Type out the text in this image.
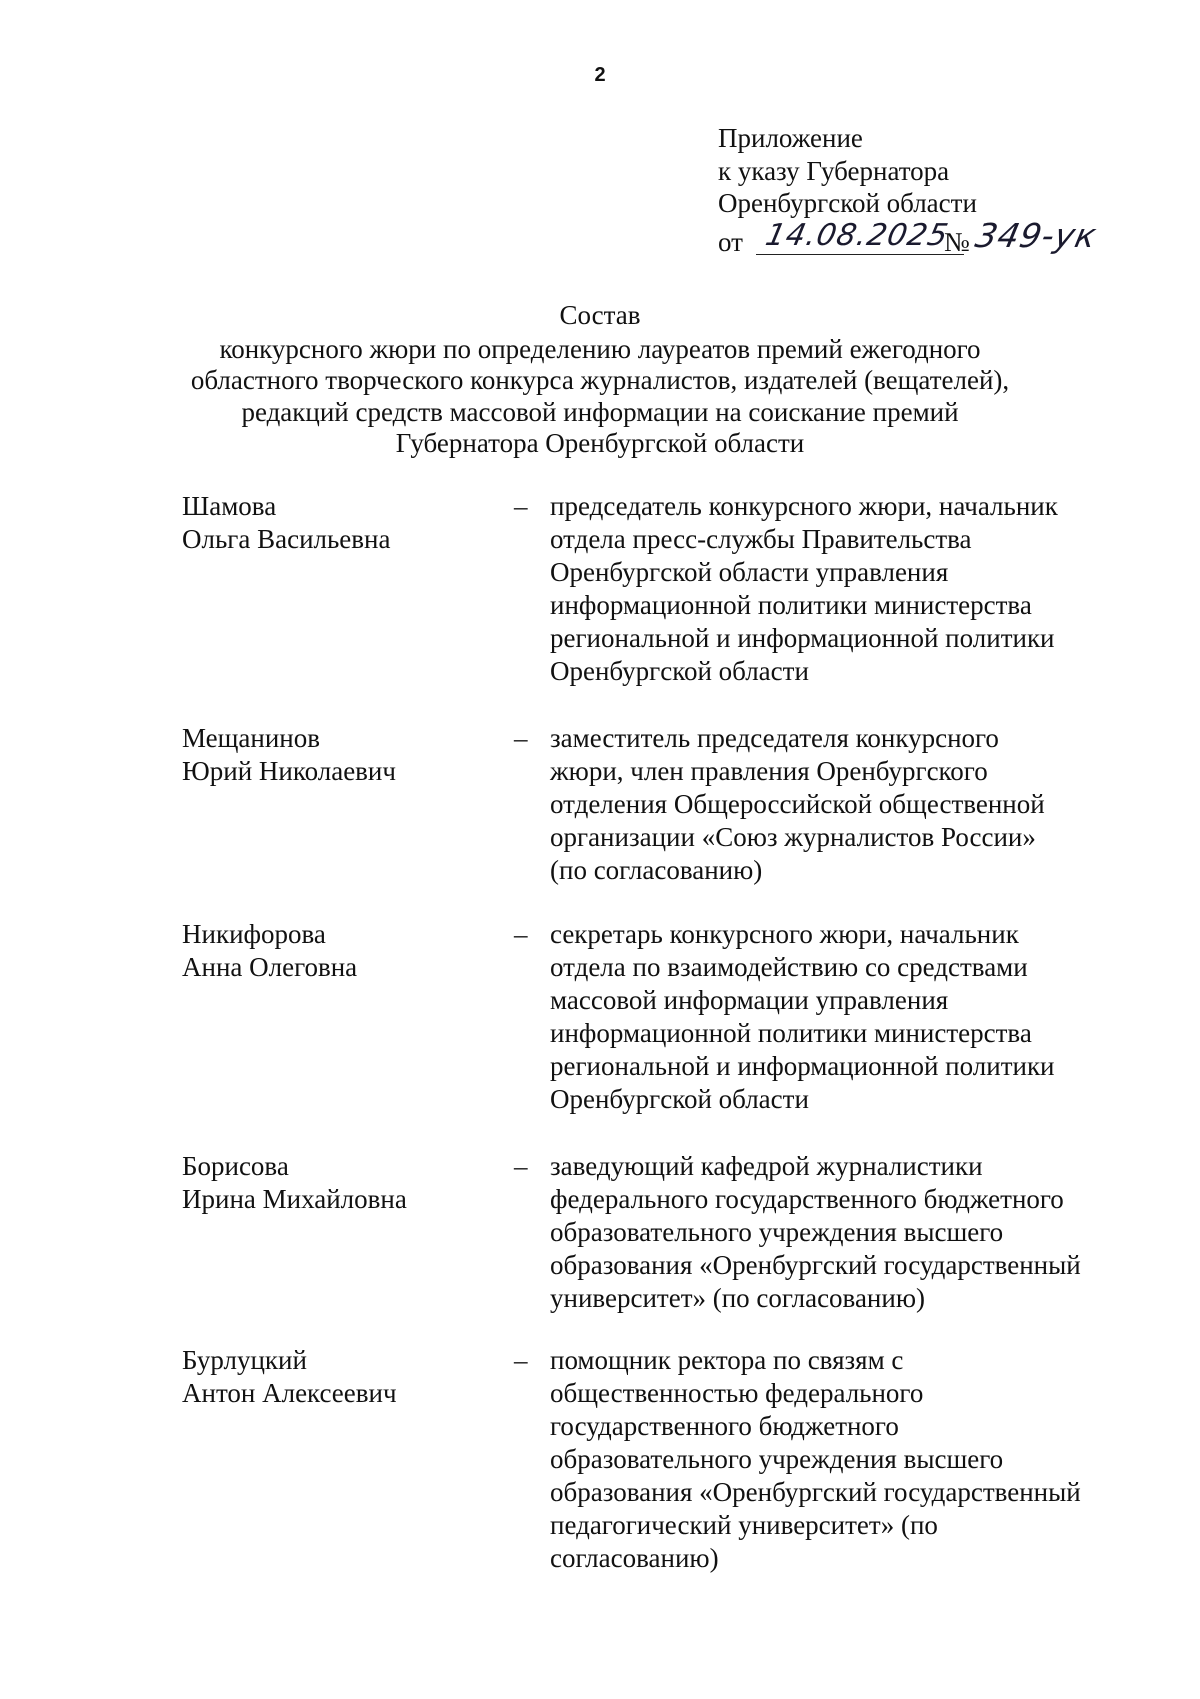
2
Приложение
к указу Губернатора
Оренбургской области
от 14.08.2025
№ 349-ук
Состав
конкурсного жюри по определению лауреатов премий ежегодного
областного творческого конкурса журналистов, издателей (вещателей),
редакций средств массовой информации на соискание премий
Губернатора Оренбургской области
Шамова
Ольга Васильевна
– председатель конкурсного жюри, начальник
отдела пресс-службы Правительства
Оренбургской области управления
информационной политики министерства
региональной и информационной политики
Оренбургской области
Мещанинов
Юрий Николаевич
– заместитель председателя конкурсного
жюри, член правления Оренбургского
отделения Общероссийской общественной
организации «Союз журналистов России»
(по согласованию)
Никифорова
Анна Олеговна
– секретарь конкурсного жюри, начальник
отдела по взаимодействию со средствами
массовой информации управления
информационной политики министерства
региональной и информационной политики
Оренбургской области
Борисова
Ирина Михайловна
– заведующий кафедрой журналистики
федерального государственного бюджетного
образовательного учреждения высшего
образования «Оренбургский государственный
университет» (по согласованию)
Бурлуцкий
Антон Алексеевич
– помощник ректора по связям с
общественностью федерального
государственного бюджетного
образовательного учреждения высшего
образования «Оренбургский государственный
педагогический университет» (по
согласованию)
